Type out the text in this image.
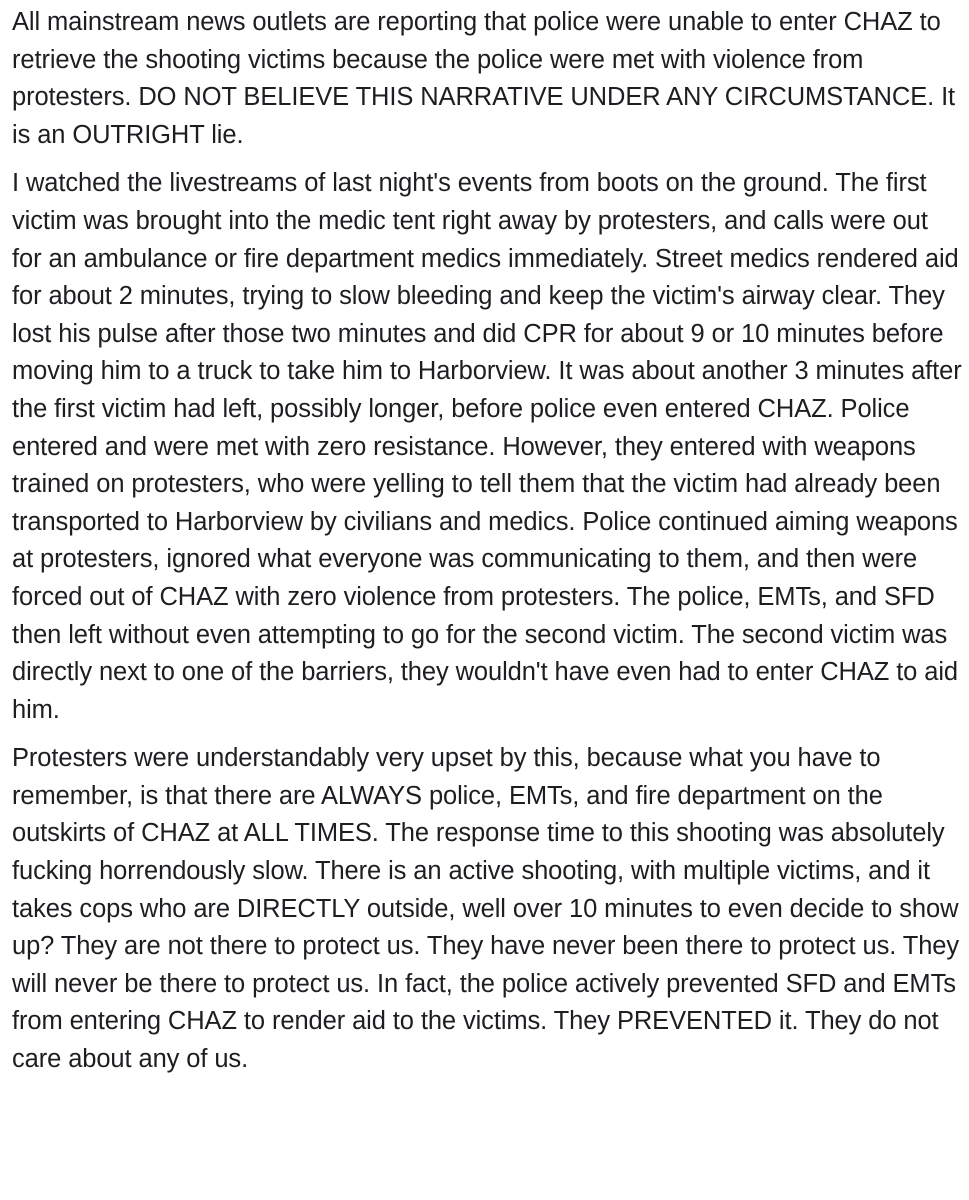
All mainstream news outlets are reporting that police were unable to enter CHAZ to retrieve the shooting victims because the police were met with violence from protesters. DO NOT BELIEVE THIS NARRATIVE UNDER ANY CIRCUMSTANCE. It is an OUTRIGHT lie.

I watched the livestreams of last night's events from boots on the ground. The first victim was brought into the medic tent right away by protesters, and calls were out for an ambulance or fire department medics immediately. Street medics rendered aid for about 2 minutes, trying to slow bleeding and keep the victim's airway clear. They lost his pulse after those two minutes and did CPR for about 9 or 10 minutes before moving him to a truck to take him to Harborview. It was about another 3 minutes after the first victim had left, possibly longer, before police even entered CHAZ. Police entered and were met with zero resistance. However, they entered with weapons trained on protesters, who were yelling to tell them that the victim had already been transported to Harborview by civilians and medics. Police continued aiming weapons at protesters, ignored what everyone was communicating to them, and then were forced out of CHAZ with zero violence from protesters. The police, EMTs, and SFD then left without even attempting to go for the second victim. The second victim was directly next to one of the barriers, they wouldn't have even had to enter CHAZ to aid him.

Protesters were understandably very upset by this, because what you have to remember, is that there are ALWAYS police, EMTs, and fire department on the outskirts of CHAZ at ALL TIMES. The response time to this shooting was absolutely fucking horrendously slow. There is an active shooting, with multiple victims, and it takes cops who are DIRECTLY outside, well over 10 minutes to even decide to show up? They are not there to protect us. They have never been there to protect us. They will never be there to protect us. In fact, the police actively prevented SFD and EMTs from entering CHAZ to render aid to the victims. They PREVENTED it. They do not care about any of us.
